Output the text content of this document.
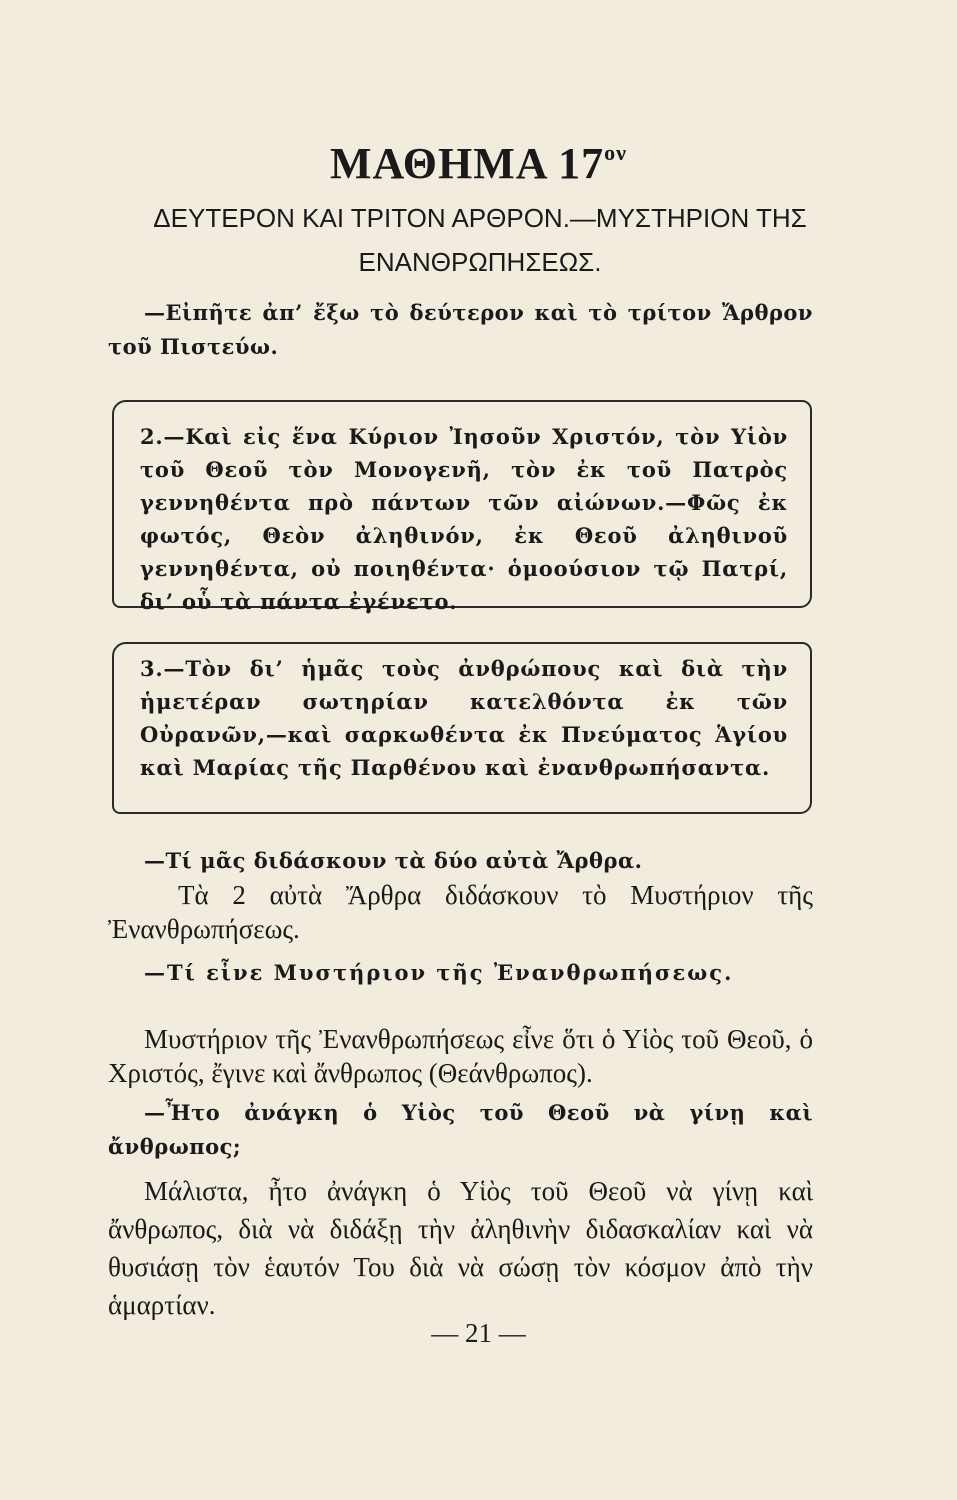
ΜΑΘΗΜΑ $17^{o\nu}$
ΔΕΥΤΕΡΟΝ ΚΑΙ ΤΡΙΤΟΝ ΑΡΘΡΟΝ.—ΜΥΣΤΗΡΙΟΝ ΤΗΣ
ΕΝΑΝΘΡΩΠΗΣΕΩΣ.

—Εἰπῆτε ἀπ’ ἔξω τὸ δεύτερον καὶ τὸ τρίτον Ἄρθρον τοῦ Πιστεύω.

2.—Καὶ εἰς ἕνα Κύριον Ἰησοῦν Χριστόν, τὸν Υἱὸν τοῦ Θεοῦ τὸν Μονογενῆ, τὸν ἐκ τοῦ Πατρὸς γεννηθέντα πρὸ πάντων τῶν αἰώνων.—Φῶς ἐκ φωτός, Θεὸν ἀληθινόν, ἐκ Θεοῦ ἀληθινοῦ γεννηθέντα, οὐ ποιηθέντα· ὁμοούσιον τῷ Πατρί, δι’ οὗ τὰ πάντα ἐγένετο.

3.—Τὸν δι’ ἡμᾶς τοὺς ἀνθρώπους καὶ διὰ τὴν ἡμετέραν σωτηρίαν κατελθόντα ἐκ τῶν Οὐρανῶν,—καὶ σαρκωθέντα ἐκ Πνεύματος Ἁγίου καὶ Μαρίας τῆς Παρθένου καὶ ἐνανθρωπήσαντα.

—Τί μᾶς διδάσκουν τὰ δύο αὐτὰ Ἄρθρα.

Τὰ 2 αὐτὰ Ἄρθρα διδάσκουν τὸ Μυστήριον τῆς Ἐνανθρωπήσεως.

—Τί εἶνε Μυστήριον τῆς Ἐνανθρωπήσεως.

Μυστήριον τῆς Ἐνανθρωπήσεως εἶνε ὅτι ὁ Υἱὸς τοῦ Θεοῦ, ὁ Χριστός, ἔγινε καὶ ἄνθρωπος (Θεάνθρωπος).

—Ἦτο ἀνάγκη ὁ Υἱὸς τοῦ Θεοῦ νὰ γίνῃ καὶ ἄνθρωπος;

Μάλιστα, ἦτο ἀνάγκη ὁ Υἱὸς τοῦ Θεοῦ νὰ γίνῃ καὶ ἄνθρωπος, διὰ νὰ διδάξῃ τὴν ἀληθινὴν διδασκαλίαν καὶ νὰ θυσιάσῃ τὸν ἑαυτόν Του διὰ νὰ σώσῃ τὸν κόσμον ἀπὸ τὴν ἁμαρτίαν.

— 21 —
